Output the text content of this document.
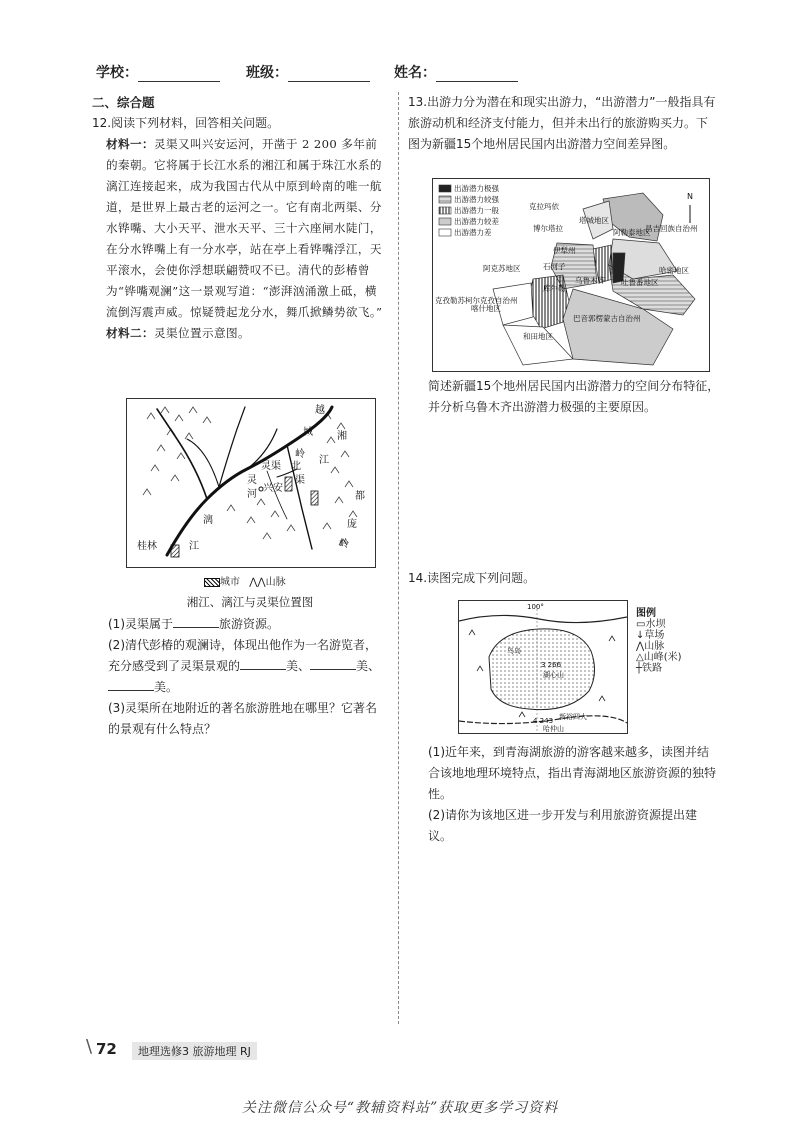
学校：	班级：	姓名：
二、综合题
12.阅读下列材料，回答相关问题。
材料一：灵渠又叫兴安运河，开凿于 2 200 多年前的秦朝。它将属于长江水系的湘江和属于珠江水系的漓江连接起来，成为我国古代从中原到岭南的唯一航道，是世界上最古老的运河之一。它有南北两渠、分水铧嘴、大小天平、泄水天平、三十六座闸水陡门，在分水铧嘴上有一分水亭，站在亭上看铧嘴浮江，天平滚水，会使你浮想联翩赞叹不已。清代的彭椿曾为“铧嘴观澜”这一景观写道：“澎湃汹涌激上砥，横流倒泻震声威。惊疑赞起龙分水，舞爪掀鳞势欲飞。”
材料二：灵渠位置示意图。
越
城
岭
湘
江
灵渠 北
渠
兴安
灵
河
漓
桂林	江
都
庞
岭
城市 ⋀⋀山脉
湘江、漓江与灵渠位置图
(1)灵渠属于	旅游资源。
(2)清代彭椿的观澜诗，体现出他作为一名游览者，充分感受到了灵渠景观的	美、	美、
美。
(3)灵渠所在地附近的著名旅游胜地在哪里？它著名的景观有什么特点？
13.出游力分为潜在和现实出游力，“出游潜力”一般指具有旅游动机和经济支付能力，但并未出行的旅游购买力。下图为新疆15个地州居民国内出游潜力空间差异图。
出游潜力极强
出游潜力较强
出游潜力一般
出游潜力较差
出游潜力差
克拉玛依
塔城地区
阿勒泰地区
昌吉回族自治州
博尔塔拉
伊犁州
石河子
乌鲁木齐 吐鲁番地区
哈密地区
阿克苏地区
克孜勒苏柯尔克孜自治州
喀什地区
和田地区
巴音郭楞蒙古自治州
库尔勒
N
简述新疆15个地州居民国内出游潜力的空间分布特征，并分析乌鲁木齐出游潜力极强的主要原因。
14.读图完成下列问题。
100°
鸟岛
3 266
湖心山
4 243
哈仲山
新裕四大
图例
▭水坝
↓草场
⋀山脉
△山峰(米)
┼铁路
(1)近年来，到青海湖旅游的游客越来越多，读图并结合该地地理环境特点，指出青海湖地区旅游资源的独特性。
(2)请你为该地区进一步开发与利用旅游资源提出建议。
\ 72	地理选修3 旅游地理 RJ
关注微信公众号“教辅资料站”获取更多学习资料
